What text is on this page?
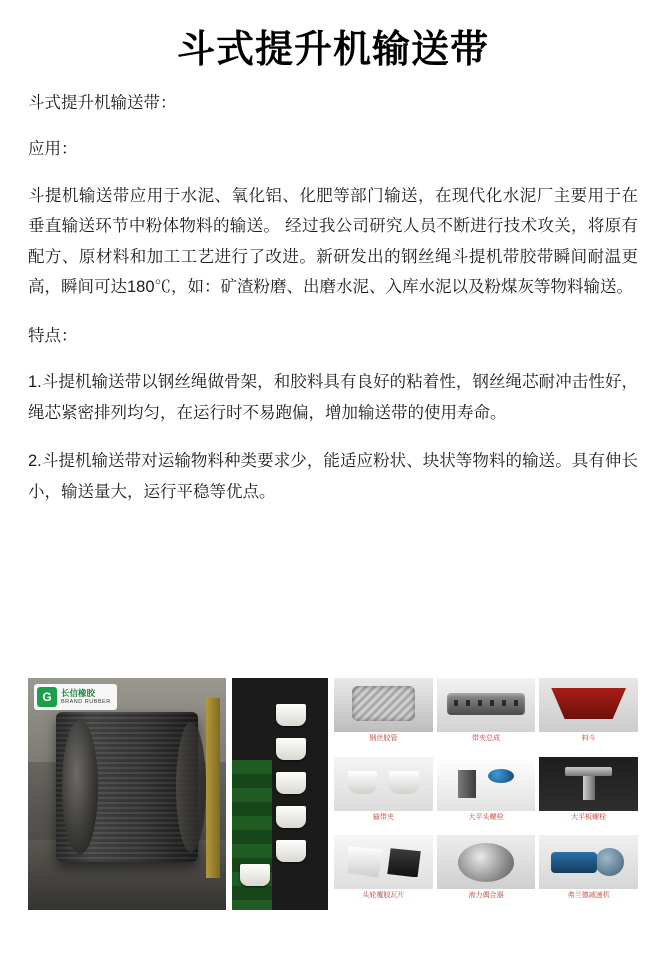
斗式提升机输送带

斗式提升机输送带：

应用：

斗提机输送带应用于水泥、氧化铝、化肥等部门输送，在现代化水泥厂主要用于在垂直输送环节中粉体物料的输送。 经过我公司研究人员不断进行技术攻关，将原有配方、原材料和加工工艺进行了改进。新研发出的钢丝绳斗提机带胶带瞬间耐温更高，瞬间可达180℃，如：矿渣粉磨、出磨水泥、入库水泥以及粉煤灰等物料输送。

特点：

1.斗提机输送带以钢丝绳做骨架，和胶料具有良好的粘着性，钢丝绳芯耐冲击性好，绳芯紧密排列均匀，在运行时不易跑偏，增加输送带的使用寿命。

2.斗提机输送带对运输物料种类要求少，能适应粉状、块状等物料的输送。具有伸长小，输送量大，运行平稳等优点。

G	长信橡胶
BRAND RUBBER
钢丝胶管	带夹总成	料斗
输带夹	大平头螺栓	大平板螺栓
头轮覆胶瓦片	液力偶合器	弗兰德减速机
